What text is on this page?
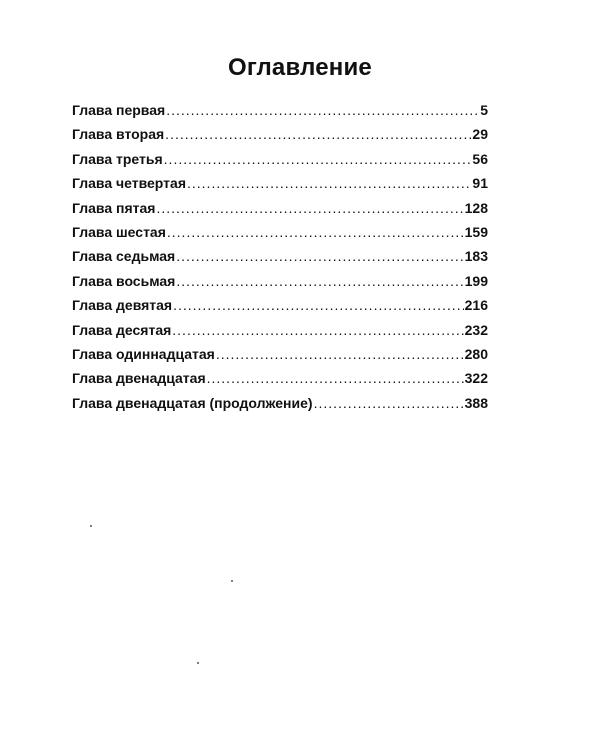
Оглавление
Глава первая .....	5
Глава вторая .....	29
Глава третья .....	56
Глава четвертая .....	91
Глава пятая .....	128
Глава шестая .....	159
Глава седьмая .....	183
Глава восьмая .....	199
Глава девятая .....	216
Глава десятая .....	232
Глава одиннадцатая .....	280
Глава двенадцатая .....	322
Глава двенадцатая (продолжение) .....	388
